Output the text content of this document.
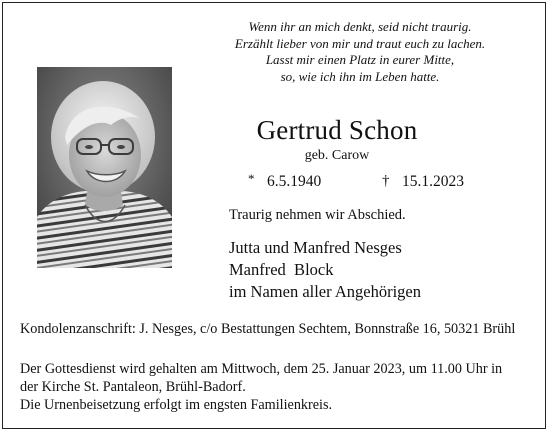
Wenn ihr an mich denkt, seid nicht traurig.
Erzählt lieber von mir und traut euch zu lachen.
Lasst mir einen Platz in eurer Mitte,
so, wie ich ihn im Leben hatte.
Gertrud Schon
geb. Carow
* 6.5.1940	† 15.1.2023
Traurig nehmen wir Abschied.
Jutta und Manfred Nesges
Manfred  Block
im Namen aller Angehörigen
Kondolenzanschrift: J. Nesges, c/o Bestattungen Sechtem, Bonnstraße 16, 50321 Brühl
Der Gottesdienst wird gehalten am Mittwoch, dem 25. Januar 2023, um 11.00 Uhr in
der Kirche St. Pantaleon, Brühl-Badorf.
Die Urnenbeisetzung erfolgt im engsten Familienkreis.
